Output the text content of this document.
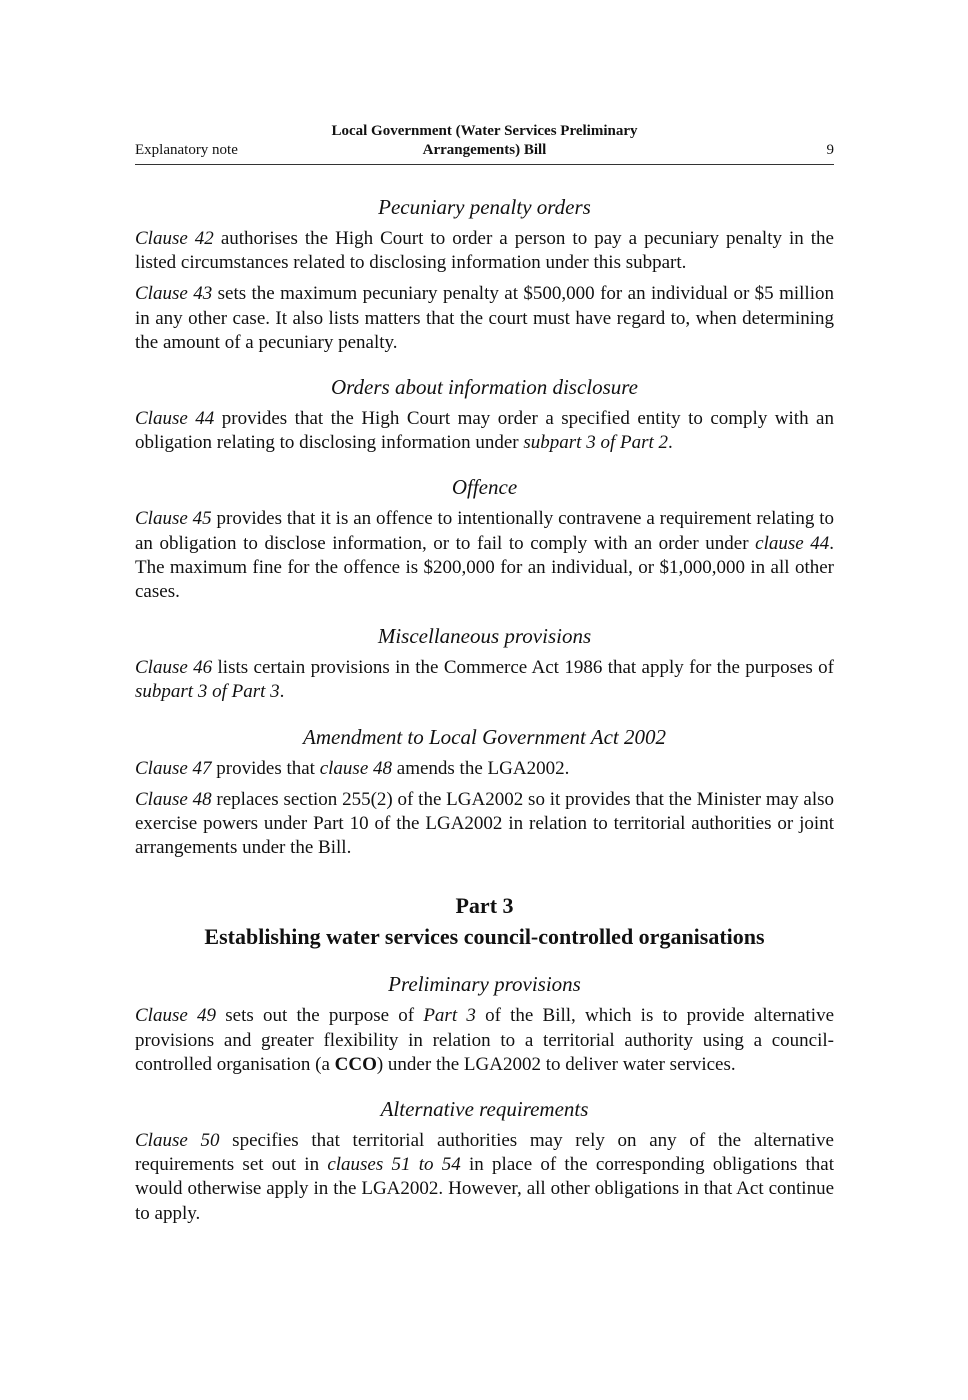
Explanatory note
Local Government (Water Services Preliminary
Arrangements) Bill	9
Pecuniary penalty orders

Clause 42 authorises the High Court to order a person to pay a pecuniary penalty in the listed circumstances related to disclosing information under this subpart.

Clause 43 sets the maximum pecuniary penalty at $500,000 for an individual or $5 million in any other case. It also lists matters that the court must have regard to, when determining the amount of a pecuniary penalty.

Orders about information disclosure

Clause 44 provides that the High Court may order a specified entity to comply with an obligation relating to disclosing information under subpart 3 of Part 2.

Offence

Clause 45 provides that it is an offence to intentionally contravene a requirement relating to an obligation to disclose information, or to fail to comply with an order under clause 44. The maximum fine for the offence is $200,000 for an individual, or $1,000,000 in all other cases.

Miscellaneous provisions

Clause 46 lists certain provisions in the Commerce Act 1986 that apply for the purposes of subpart 3 of Part 3.

Amendment to Local Government Act 2002

Clause 47 provides that clause 48 amends the LGA2002.

Clause 48 replaces section 255(2) of the LGA2002 so it provides that the Minister may also exercise powers under Part 10 of the LGA2002 in relation to territorial authorities or joint arrangements under the Bill.

Part 3
Establishing water services council-controlled organisations
Preliminary provisions

Clause 49 sets out the purpose of Part 3 of the Bill, which is to provide alternative provisions and greater flexibility in relation to a territorial authority using a council-controlled organisation (a CCO) under the LGA2002 to deliver water services.

Alternative requirements

Clause 50 specifies that territorial authorities may rely on any of the alternative requirements set out in clauses 51 to 54 in place of the corresponding obligations that would otherwise apply in the LGA2002. However, all other obligations in that Act continue to apply.
